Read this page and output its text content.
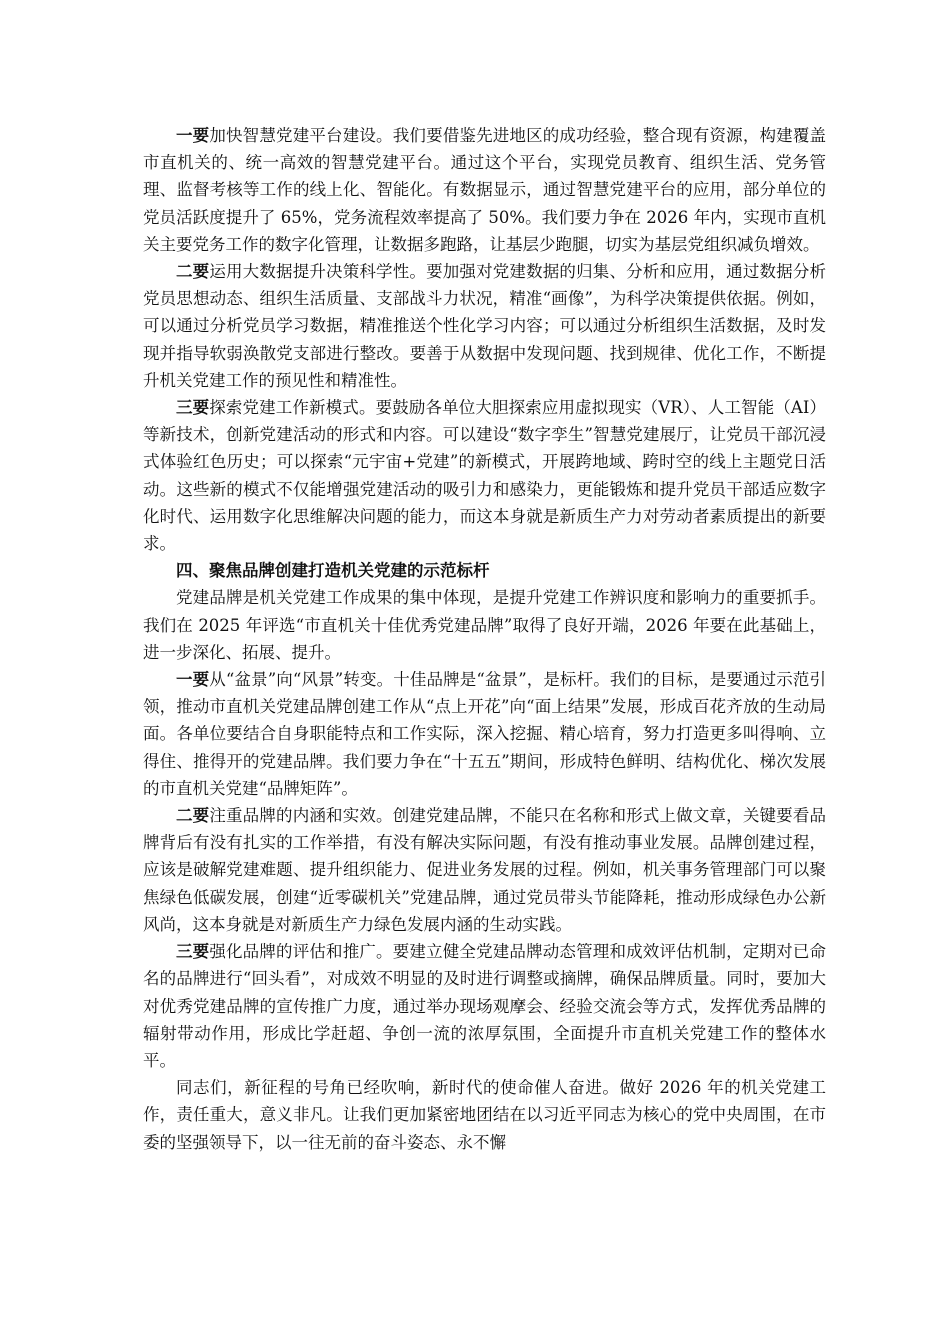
一要加快智慧党建平台建设。我们要借鉴先进地区的成功经验，整合现有资源，构建覆盖市直机关的、统一高效的智慧党建平台。通过这个平台，实现党员教育、组织生活、党务管理、监督考核等工作的线上化、智能化。有数据显示，通过智慧党建平台的应用，部分单位的党员活跃度提升了 65%，党务流程效率提高了 50%。我们要力争在 2026 年内，实现市直机关主要党务工作的数字化管理，让数据多跑路，让基层少跑腿，切实为基层党组织减负增效。

二要运用大数据提升决策科学性。要加强对党建数据的归集、分析和应用，通过数据分析党员思想动态、组织生活质量、支部战斗力状况，精准“画像”，为科学决策提供依据。例如，可以通过分析党员学习数据，精准推送个性化学习内容；可以通过分析组织生活数据，及时发现并指导软弱涣散党支部进行整改。要善于从数据中发现问题、找到规律、优化工作，不断提升机关党建工作的预见性和精准性。

三要探索党建工作新模式。要鼓励各单位大胆探索应用虚拟现实（VR）、人工智能（AI）等新技术，创新党建活动的形式和内容。可以建设“数字孪生”智慧党建展厅，让党员干部沉浸式体验红色历史；可以探索“元宇宙+党建”的新模式，开展跨地域、跨时空的线上主题党日活动。这些新的模式不仅能增强党建活动的吸引力和感染力，更能锻炼和提升党员干部适应数字化时代、运用数字化思维解决问题的能力，而这本身就是新质生产力对劳动者素质提出的新要求。

四、聚焦品牌创建打造机关党建的示范标杆

党建品牌是机关党建工作成果的集中体现，是提升党建工作辨识度和影响力的重要抓手。我们在 2025 年评选“市直机关十佳优秀党建品牌”取得了良好开端，2026 年要在此基础上，进一步深化、拓展、提升。

一要从“盆景”向“风景”转变。十佳品牌是“盆景”，是标杆。我们的目标，是要通过示范引领，推动市直机关党建品牌创建工作从“点上开花”向“面上结果”发展，形成百花齐放的生动局面。各单位要结合自身职能特点和工作实际，深入挖掘、精心培育，努力打造更多叫得响、立得住、推得开的党建品牌。我们要力争在“十五五”期间，形成特色鲜明、结构优化、梯次发展的市直机关党建“品牌矩阵”。

二要注重品牌的内涵和实效。创建党建品牌，不能只在名称和形式上做文章，关键要看品牌背后有没有扎实的工作举措，有没有解决实际问题，有没有推动事业发展。品牌创建过程，应该是破解党建难题、提升组织能力、促进业务发展的过程。例如，机关事务管理部门可以聚焦绿色低碳发展，创建“近零碳机关”党建品牌，通过党员带头节能降耗，推动形成绿色办公新风尚，这本身就是对新质生产力绿色发展内涵的生动实践。

三要强化品牌的评估和推广。要建立健全党建品牌动态管理和成效评估机制，定期对已命名的品牌进行“回头看”，对成效不明显的及时进行调整或摘牌，确保品牌质量。同时，要加大对优秀党建品牌的宣传推广力度，通过举办现场观摩会、经验交流会等方式，发挥优秀品牌的辐射带动作用，形成比学赶超、争创一流的浓厚氛围，全面提升市直机关党建工作的整体水平。

同志们，新征程的号角已经吹响，新时代的使命催人奋进。做好 2026 年的机关党建工作，责任重大，意义非凡。让我们更加紧密地团结在以习近平同志为核心的党中央周围，在市委的坚强领导下，以一往无前的奋斗姿态、永不懈
